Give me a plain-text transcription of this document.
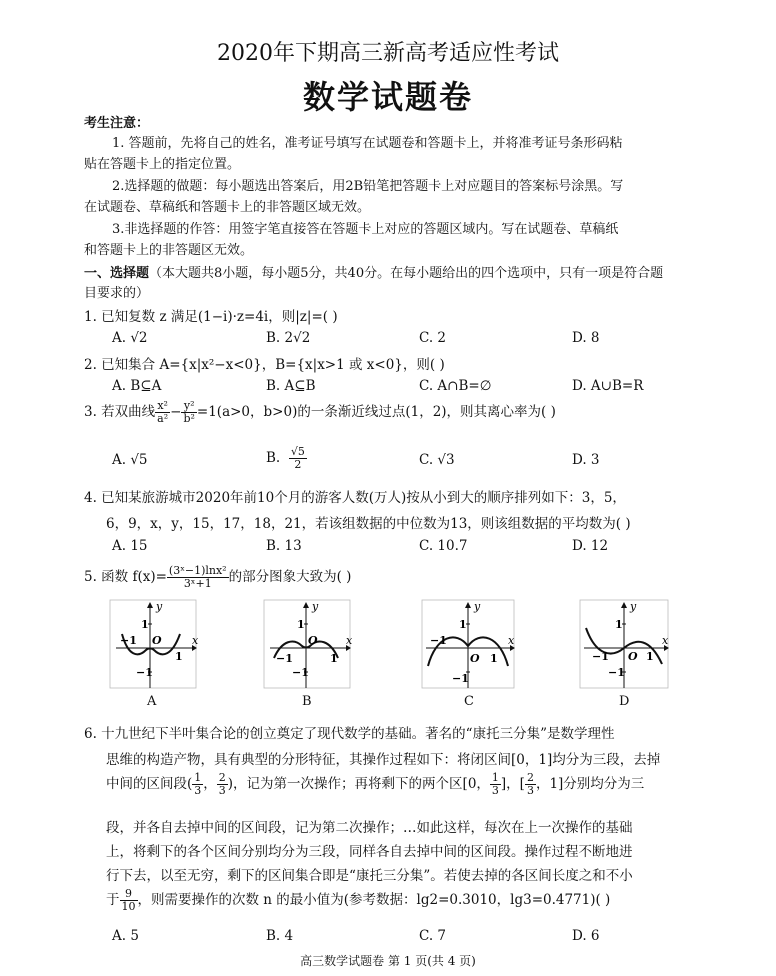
2020年下期高三新高考适应性考试
数学试题卷
考生注意：
1. 答题前，先将自己的姓名，准考证号填写在试题卷和答题卡上，并将准考证号条形码粘
贴在答题卡上的指定位置。
2.选择题的做题：每小题选出答案后，用2B铅笔把答题卡上对应题目的答案标号涂黑。写
在试题卷、草稿纸和答题卡上的非答题区域无效。
3.非选择题的作答：用签字笔直接答在答题卡上对应的答题区域内。写在试题卷、草稿纸
和答题卡上的非答题区无效。
一、选择题（本大题共8小题，每小题5分，共40分。在每小题给出的四个选项中，只有一项是符合题
目要求的）
1. 已知复数 z 满足(1−i)·z=4i，则|z|=( )
A. √2	B. 2√2	C. 2	D. 8
2. 已知集合 A={x|x²−x<0}，B={x|x>1 或 x<0}，则( )
A. B⊆A	B. A⊆B	C. A∩B=∅	D. A∪B=R
3. 若双曲线 $\frac{\text{x²}}{\text{a²}} - \frac{\text{y²}}{\text{b²}} =1(a>0$，b>0)的一条渐近线过点(1，2)，则其离心率为( )
A. √5	B. $\frac{√5}{2}$	C. √3	D. 3
4. 已知某旅游城市2020年前10个月的游客人数(万人)按从小到大的顺序排列如下：3，5，
6，9，x，y，15，17，18，21，若该组数据的中位数为13，则该组数据的平均数为( )
A. 15	B. 13	C. 10.7	D. 12
5. 函数 $f(x)= \frac{\text{(3ˣ−1)lnx²}}{\text{3ˣ+1}}$ 的部分图象大致为( )
y
x
1
O
−1
1
−1
A
y
x
1
O
−1	1
−1
B
y
x
1
O
−1
1
−1
C
y
x
1
O
−1	1
−1
D
6. 十九世纪下半叶集合论的创立奠定了现代数学的基础。著名的“康托三分集”是数学理性
思维的构造产物，具有典型的分形特征，其操作过程如下：将闭区间[0，1]均分为三段，去掉
中间的区间段( $\frac{1}{3}$ ， $\frac{2}{3}$ )，记为第一次操作；再将剩下的两个区[0， $\frac{1}{3}$ ]，[ $\frac{2}{3}$ ，1]分别均分为三
段，并各自去掉中间的区间段，记为第二次操作；…如此这样，每次在上一次操作的基础
上，将剩下的各个区间分别均分为三段，同样各自去掉中间的区间段。操作过程不断地进
行下去，以至无穷，剩下的区间集合即是“康托三分集”。若使去掉的各区间长度之和不小
于 $\frac{9}{10}$ ，则需要操作的次数 n 的最小值为(参考数据：lg2=0.3010，lg3=0.4771)( )
A. 5	B. 4	C. 7	D. 6
高三数学试题卷 第 1 页(共 4 页)
